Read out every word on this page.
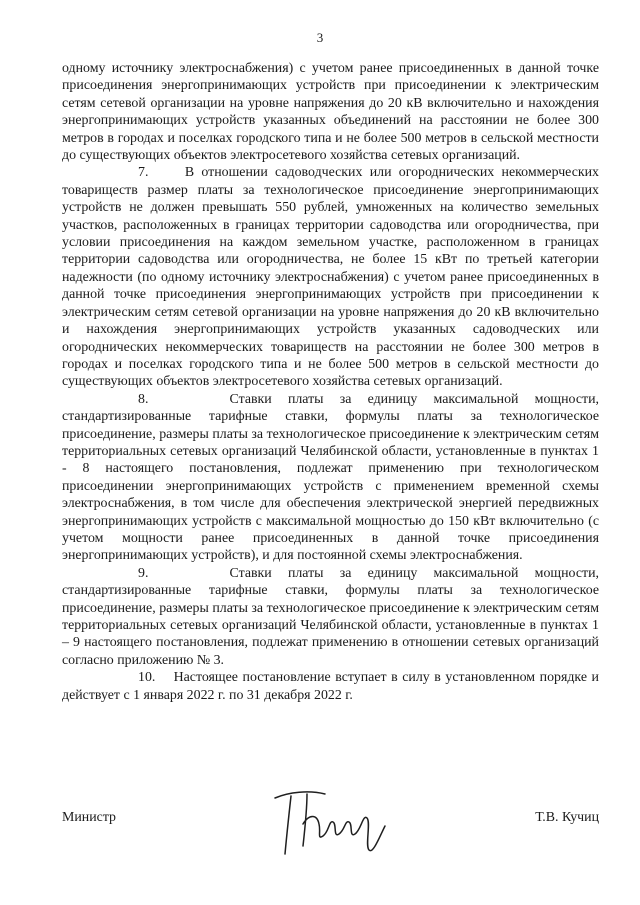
3

одному источнику электроснабжения) с учетом ранее присоединенных в данной точке присоединения энергопринимающих устройств при присоединении к электрическим сетям сетевой организации на уровне напряжения до 20 кВ включительно и нахождения энергопринимающих устройств указанных объединений на расстоянии не более 300 метров в городах и поселках городского типа и не более 500 метров в сельской местности до существующих объектов электросетевого хозяйства сетевых организаций.

7.	В отношении садоводческих или огороднических некоммерческих товариществ размер платы за технологическое присоединение энергопринимающих устройств не должен превышать 550 рублей, умноженных на количество земельных участков, расположенных в границах территории садоводства или огородничества, при условии присоединения на каждом земельном участке, расположенном в границах территории садоводства или огородничества, не более 15 кВт по третьей категории надежности (по одному источнику электроснабжения) с учетом ранее присоединенных в данной точке присоединения энергопринимающих устройств при присоединении к электрическим сетям сетевой организации на уровне напряжения до 20 кВ включительно и нахождения энергопринимающих устройств указанных садоводческих или огороднических некоммерческих товариществ на расстоянии не более 300 метров в городах и поселках городского типа и не более 500 метров в сельской местности до существующих объектов электросетевого хозяйства сетевых организаций.

8.	Ставки платы за единицу максимальной мощности, стандартизированные тарифные ставки, формулы платы за технологическое присоединение, размеры платы за технологическое присоединение к электрическим сетям территориальных сетевых организаций Челябинской области, установленные в пунктах 1 - 8 настоящего постановления, подлежат применению при технологическом присоединении энергопринимающих устройств с применением временной схемы электроснабжения, в том числе для обеспечения электрической энергией передвижных энергопринимающих устройств с максимальной мощностью до 150 кВт включительно (с учетом мощности ранее присоединенных в данной точке присоединения энергопринимающих устройств), и для постоянной схемы электроснабжения.

9.	Ставки платы за единицу максимальной мощности, стандартизированные тарифные ставки, формулы платы за технологическое присоединение, размеры платы за технологическое присоединение к электрическим сетям территориальных сетевых организаций Челябинской области, установленные в пунктах 1 – 9 настоящего постановления, подлежат применению в отношении сетевых организаций согласно приложению № 3.

10. Настоящее постановление вступает в силу в установленном порядке и действует с 1 января 2022 г. по 31 декабря 2022 г.

Министр	Т.В. Кучиц
